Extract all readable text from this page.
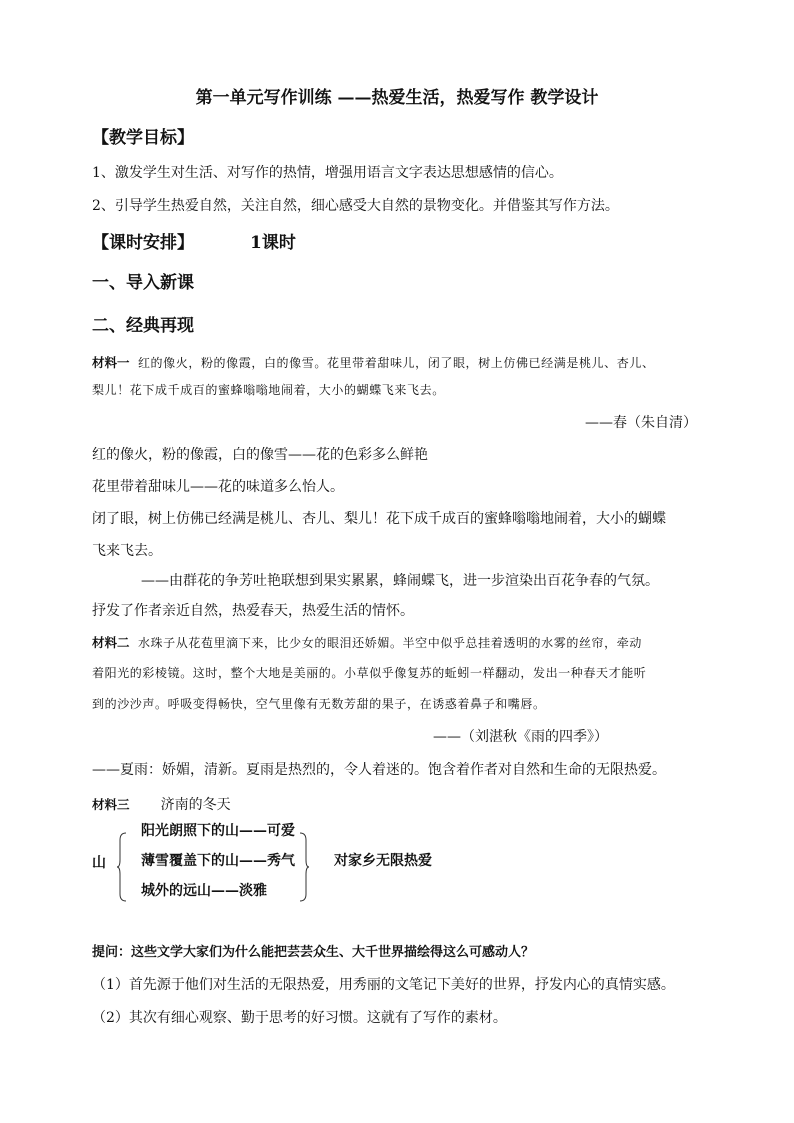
第一单元写作训练 ——热爱生活，热爱写作 教学设计
【教学目标】
1、激发学生对生活、对写作的热情，增强用语言文字表达思想感情的信心。
2、引导学生热爱自然，关注自然，细心感受大自然的景物变化。并借鉴其写作方法。
【课时安排】	1课时
一、导入新课
二、经典再现
材料一 红的像火，粉的像霞，白的像雪。花里带着甜味儿，闭了眼，树上仿佛已经满是桃儿、杏儿、
梨儿！花下成千成百的蜜蜂嗡嗡地闹着，大小的蝴蝶飞来飞去。
——春（朱自清）
红的像火，粉的像霞，白的像雪——花的色彩多么鲜艳
花里带着甜味儿——花的味道多么怡人。
闭了眼，树上仿佛已经满是桃儿、杏儿、梨儿！花下成千成百的蜜蜂嗡嗡地闹着，大小的蝴蝶
飞来飞去。
——由群花的争芳吐艳联想到果实累累，蜂闹蝶飞，进一步渲染出百花争春的气氛。
抒发了作者亲近自然，热爱春天，热爱生活的情怀。
材料二 水珠子从花苞里滴下来，比少女的眼泪还娇媚。半空中似乎总挂着透明的水雾的丝帘，牵动
着阳光的彩棱镜。这时，整个大地是美丽的。小草似乎像复苏的蚯蚓一样翻动，发出一种春天才能听
到的沙沙声。呼吸变得畅快，空气里像有无数芳甜的果子，在诱惑着鼻子和嘴唇。
——（刘湛秋《雨的四季》）
——夏雨：娇媚，清新。夏雨是热烈的，令人着迷的。饱含着作者对自然和生命的无限热爱。
材料三 济南的冬天
山
阳光朗照下的山——可爱
薄雪覆盖下的山——秀气
城外的远山——淡雅
对家乡无限热爱
提问：这些文学大家们为什么能把芸芸众生、大千世界描绘得这么可感动人？
（1）首先源于他们对生活的无限热爱，用秀丽的文笔记下美好的世界，抒发内心的真情实感。
（2）其次有细心观察、勤于思考的好习惯。这就有了写作的素材。
